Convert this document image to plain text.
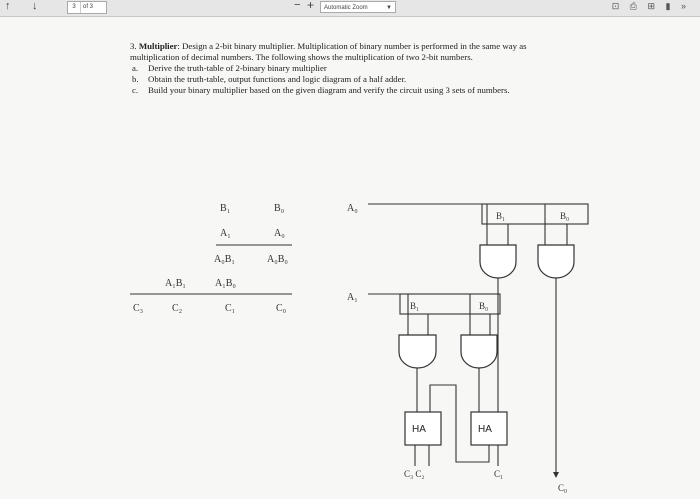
↑ ↓	3 of 3	− +	Automatic Zoom	▼	⊡ ⎙ ⊞ ▮ »

3. Multiplier: Design a 2-bit binary multiplier. Multiplication of binary number is performed in the same way as multiplication of decimal numbers. The following shows the multiplication of two 2-bit numbers.

a. Derive the truth-table of 2-binary binary multiplier
b. Obtain the truth-table, output functions and logic diagram of a half adder.
c. Build your binary multiplier based on the given diagram and verify the circuit using 3 sets of numbers.
B₁	B₀
A₁	A₀
A₀B₁	A₀B₀
A₁B₁	A₁B₀
C₃	C₂	C₁	C₀
A₀
A₁
B₁	B₀
B₁	B₀
HA	HA
C₃ C₂	C₁
C₀
